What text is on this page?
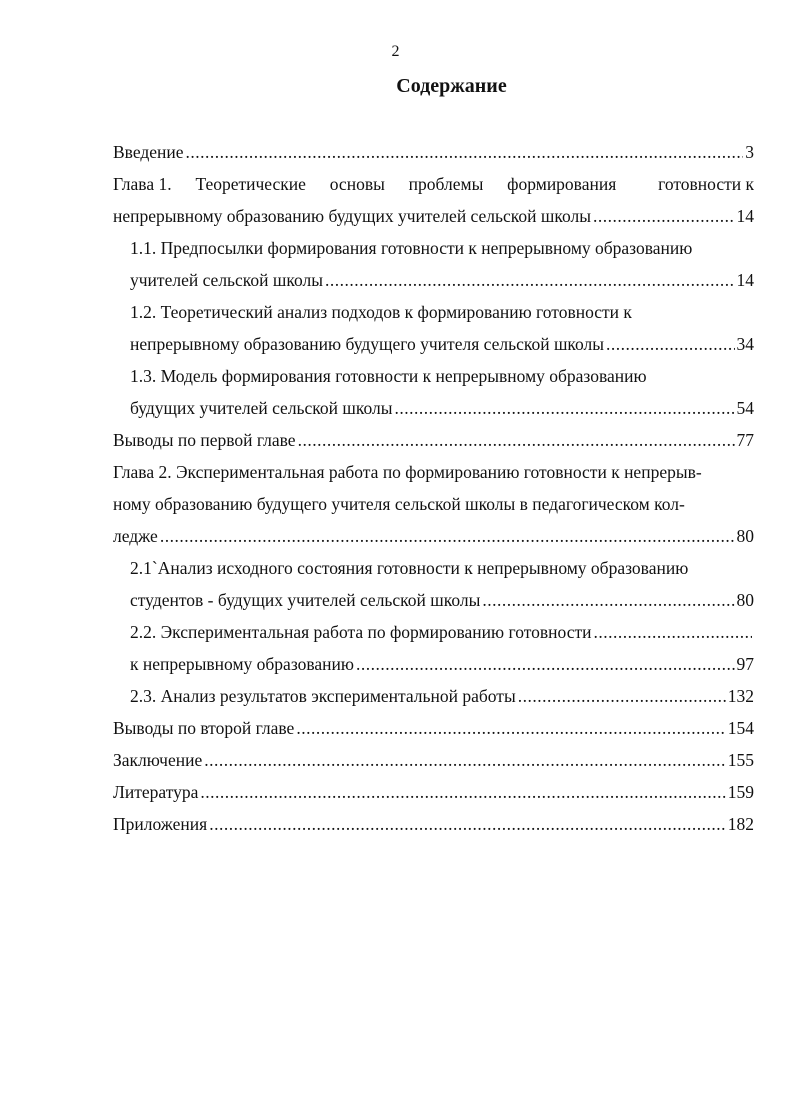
2
Содержание
Введение .....	3
Глава 1. Теоретические основы проблемы формирования	готовности к
непрерывному образованию будущих учителей сельской школы .....	14
1.1. Предпосылки формирования готовности к непрерывному образованию
учителей сельской школы .....	14
1.2. Теоретический анализ подходов к формированию готовности к
непрерывному образованию будущего учителя сельской школы .....	34
1.3. Модель формирования готовности к непрерывному образованию
будущих учителей сельской школы .....	54
Выводы по первой главе .....	77
Глава 2. Экспериментальная работа по формированию готовности к непрерыв-
ному образованию будущего учителя сельской школы в педагогическом кол-
ледже .....	80
2.1`Анализ исходного состояния готовности к непрерывному образованию
студентов - будущих учителей сельской школы .....	80
2.2. Экспериментальная работа по формированию готовности
.....
к непрерывному образованию .....	97
2.3. Анализ результатов экспериментальной работы .....	132
Выводы по второй главе .....	154
Заключение .....	155
Литература .....	159
Приложения .....	182
